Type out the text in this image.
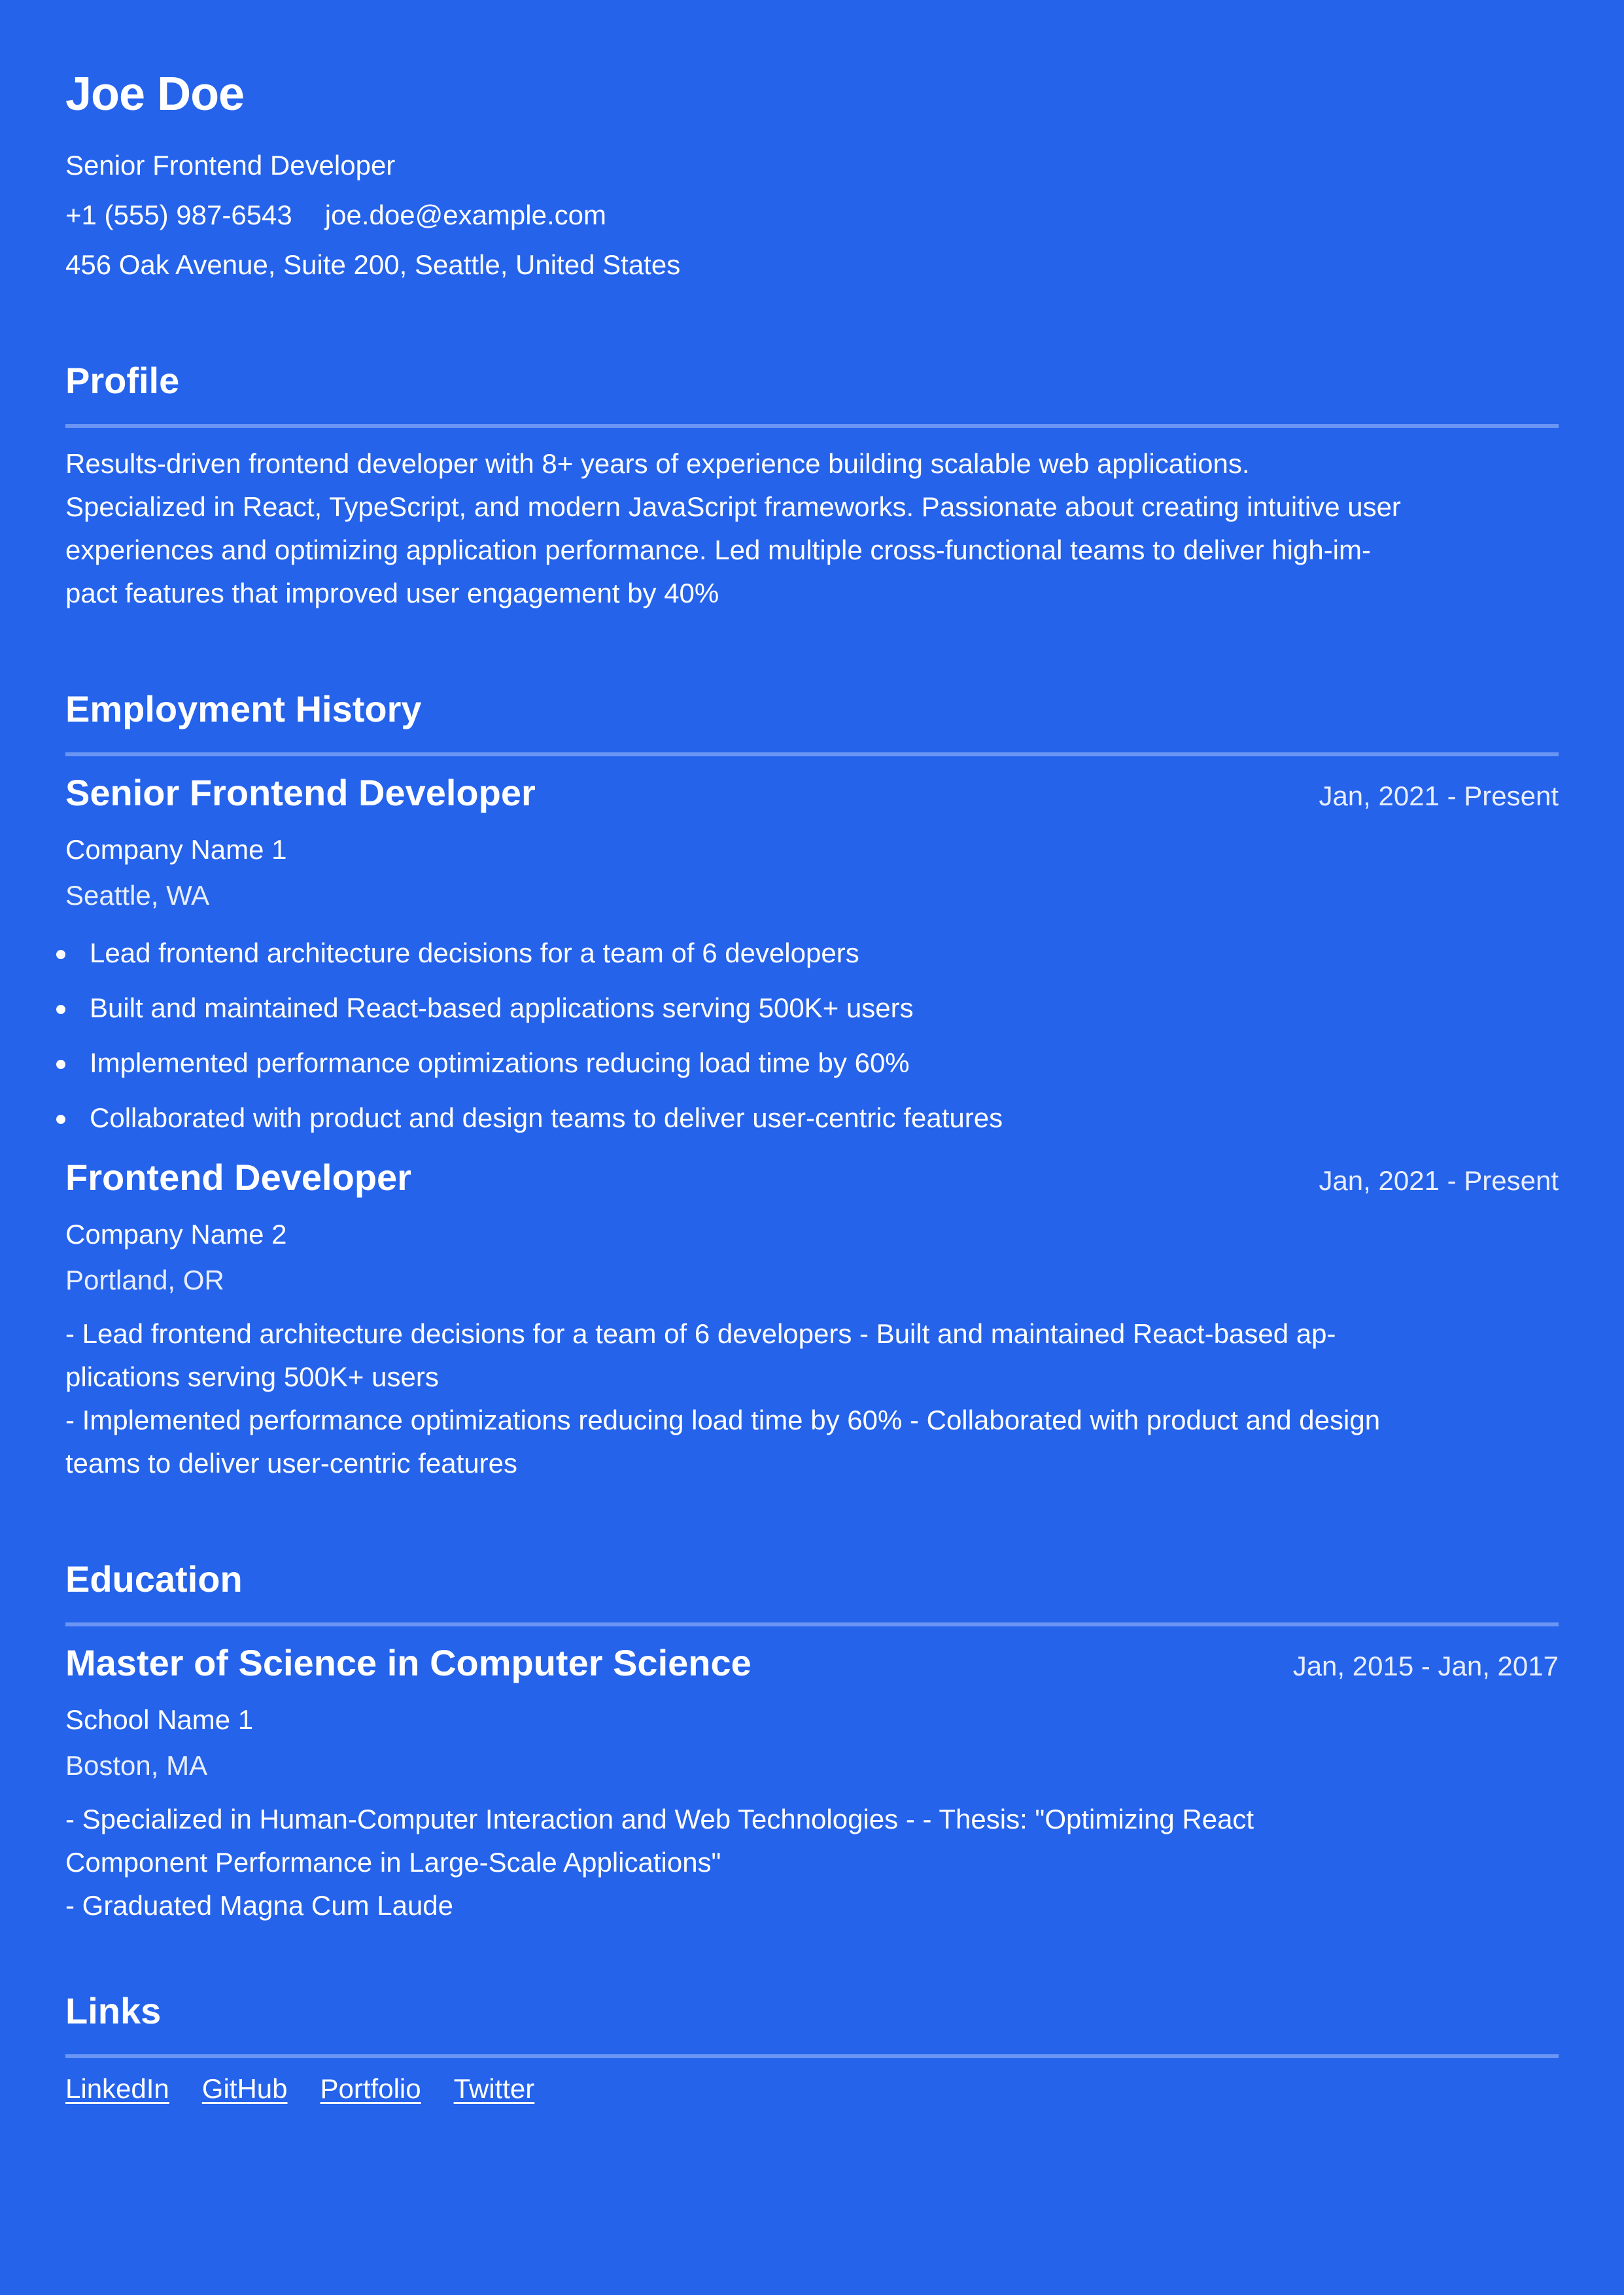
Joe Doe
Senior Frontend Developer
+1 (555) 987-6543 joe.doe@example.com
456 Oak Avenue, Suite 200, Seattle, United States
Profile
Results-driven frontend developer with 8+ years of experience building scalable web applications.
Specialized in React, TypeScript, and modern JavaScript frameworks. Passionate about creating intuitive user
experiences and optimizing application performance. Led multiple cross-functional teams to deliver high-im-
pact features that improved user engagement by 40%
Employment History
Senior Frontend Developer	Jan, 2021 - Present
Company Name 1
Seattle, WA
Lead frontend architecture decisions for a team of 6 developers
Built and maintained React-based applications serving 500K+ users
Implemented performance optimizations reducing load time by 60%
Collaborated with product and design teams to deliver user-centric features
Frontend Developer	Jan, 2021 - Present
Company Name 2
Portland, OR
- Lead frontend architecture decisions for a team of 6 developers - Built and maintained React-based ap-
plications serving 500K+ users
- Implemented performance optimizations reducing load time by 60% - Collaborated with product and design
teams to deliver user-centric features
Education
Master of Science in Computer Science	Jan, 2015 - Jan, 2017
School Name 1
Boston, MA
- Specialized in Human-Computer Interaction and Web Technologies - - Thesis: "Optimizing React
Component Performance in Large-Scale Applications"
- Graduated Magna Cum Laude
Links
LinkedIn GitHub Portfolio Twitter
